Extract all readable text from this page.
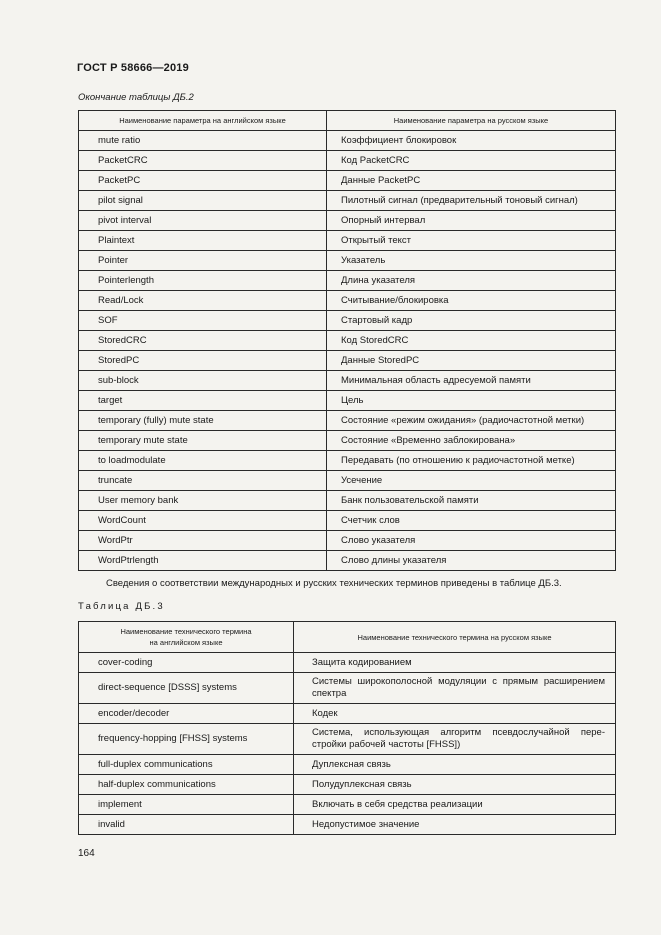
ГОСТ Р 58666—2019
Окончание таблицы ДБ.2
Наименование параметра на английском языке	Наименование параметра на русском языке
mute ratio	Коэффициент блокировок
PacketCRC	Код PacketCRC
PacketPC	Данные PacketPC
pilot signal	Пилотный сигнал (предварительный тоновый сигнал)
pivot interval	Опорный интервал
Plaintext	Открытый текст
Pointer	Указатель
Pointerlength	Длина указателя
Read/Lock	Считывание/блокировка
SOF	Стартовый кадр
StoredCRC	Код StoredCRC
StoredPC	Данные StoredPC
sub-block	Минимальная область адресуемой памяти
target	Цель
temporary (fully) mute state	Состояние «режим ожидания» (радиочастотной метки)
temporary mute state	Состояние «Временно заблокирована»
to loadmodulate	Передавать (по отношению к радиочастотной метке)
truncate	Усечение
User memory bank	Банк пользовательской памяти
WordCount	Счетчик слов
WordPtr	Слово указателя
WordPtrlength	Слово длины указателя
Сведения о соответствии международных и русских технических терминов приведены в таблице ДБ.3.
Таблица ДБ.3
Наименование технического термина
на английском языке	Наименование технического термина на русском языке
cover-coding	Защита кодированием
direct-sequence [DSSS] systems	Системы широкополосной модуляции с прямым расширением спектра
encoder/decoder	Кодек
frequency-hopping [FHSS] systems	Система, использующая алгоритм псевдослучайной пере-стройки рабочей частоты [FHSS])
full-duplex communications	Дуплексная связь
half-duplex communications	Полудуплексная связь
implement	Включать в себя средства реализации
invalid	Недопустимое значение
164
